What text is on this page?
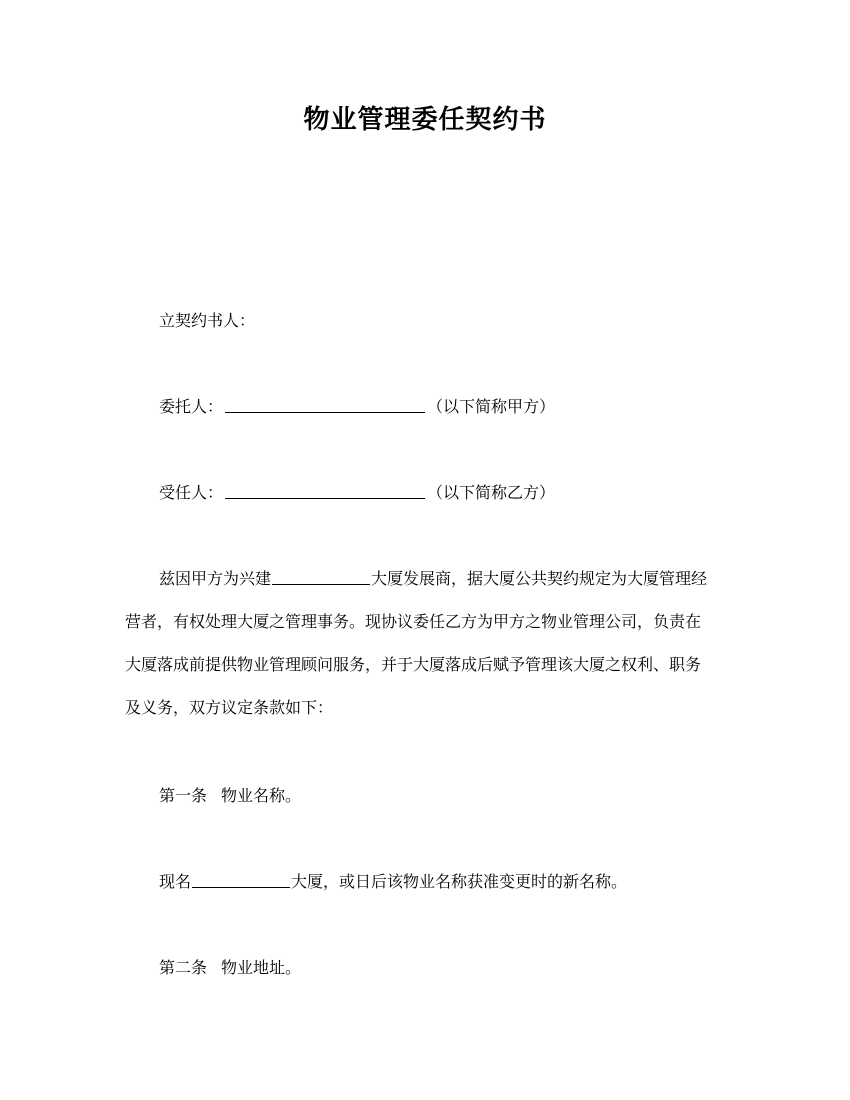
物业管理委任契约书
立契约书人：
委托人：	（以下简称甲方）
受任人：	（以下简称乙方）
兹因甲方为兴建	大厦发展商，据大厦公共契约规定为大厦管理经
营者，有权处理大厦之管理事务。现协议委任乙方为甲方之物业管理公司，负责在
大厦落成前提供物业管理顾问服务，并于大厦落成后赋予管理该大厦之权利、职务
及义务，双方议定条款如下：
第一条 物业名称。
现名	大厦，或日后该物业名称获准变更时的新名称。
第二条 物业地址。
